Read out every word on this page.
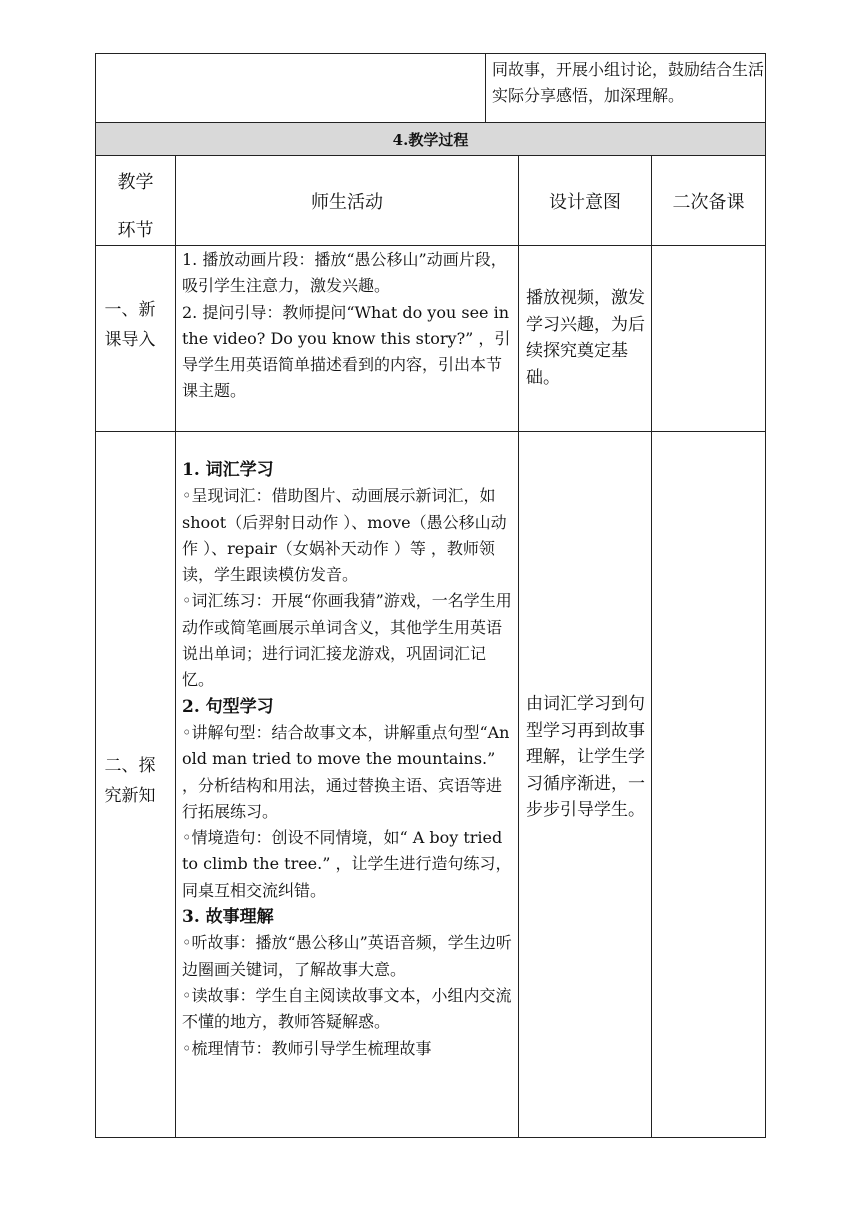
同故事，开展小组讨论，鼓励结合生活实际分享感悟，加深理解。
4.教学过程
教学环节
师生活动	设计意图	二次备课
一、新课导入

1. 播放动画片段：播放“愚公移山”动画片段，吸引学生注意力，激发兴趣。

2. 提问引导：教师提问“What do you see in the video? Do you know this story?” ，引导学生用英语简单描述看到的内容，引出本节课主题。

播放视频，激发学习兴趣，为后续探究奠定基础。
二、探究新知

1. 词汇学习

◦呈现词汇：借助图片、动画展示新词汇，如 shoot（后羿射日动作 ）、move（愚公移山动作 ）、repair（女娲补天动作 ）等 ，教师领读，学生跟读模仿发音。

◦词汇练习：开展“你画我猜”游戏，一名学生用动作或简笔画展示单词含义，其他学生用英语说出单词；进行词汇接龙游戏，巩固词汇记忆。

2. 句型学习

◦讲解句型：结合故事文本，讲解重点句型“An old man tried to move the mountains.” ，分析结构和用法，通过替换主语、宾语等进行拓展练习。

◦情境造句：创设不同情境，如“ A boy tried to climb the tree.” ，让学生进行造句练习，同桌互相交流纠错。

3. 故事理解

◦听故事：播放“愚公移山”英语音频，学生边听边圈画关键词，了解故事大意。

◦读故事：学生自主阅读故事文本，小组内交流不懂的地方，教师答疑解惑。

◦梳理情节：教师引导学生梳理故事

由词汇学习到句型学习再到故事理解，让学生学习循序渐进，一步步引导学生。
